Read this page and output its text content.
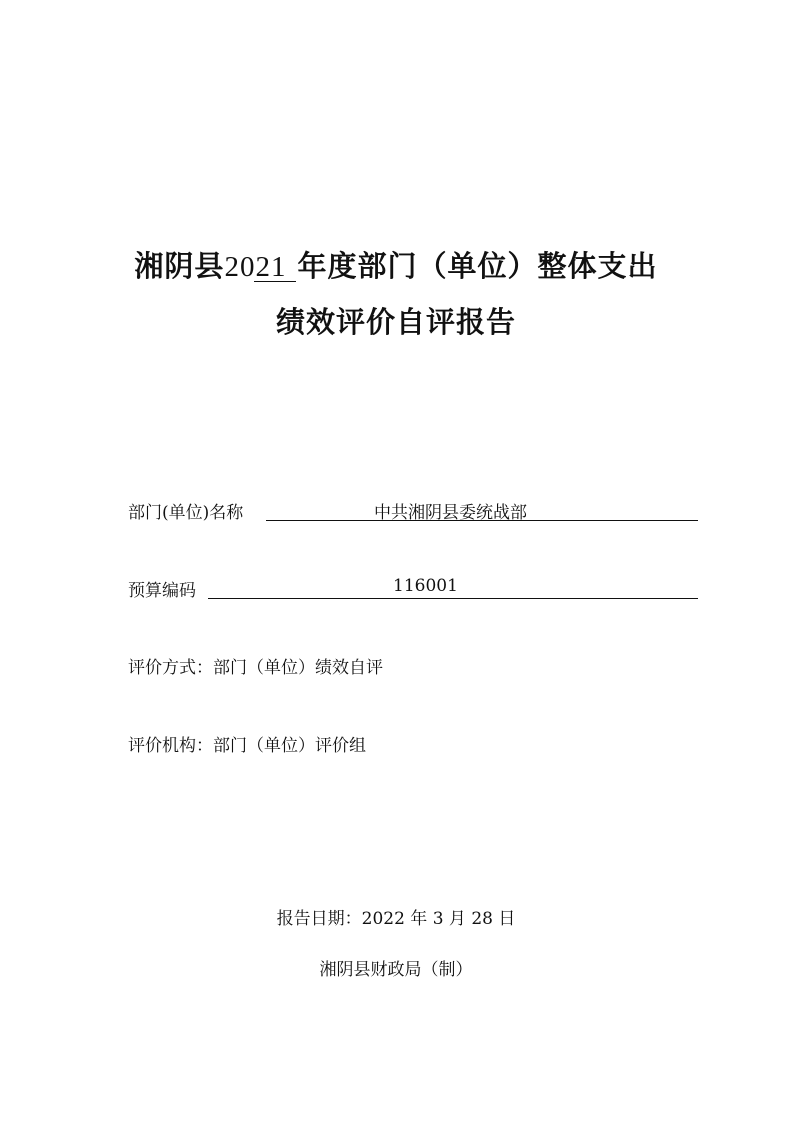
湘阴县2021 年度部门（单位）整体支出
绩效评价自评报告
部门(单位)名称	中共湘阴县委统战部
预算编码	116001
评价方式：部门（单位）绩效自评
评价机构：部门（单位）评价组
报告日期：2022 年 3 月 28 日
湘阴县财政局（制）
